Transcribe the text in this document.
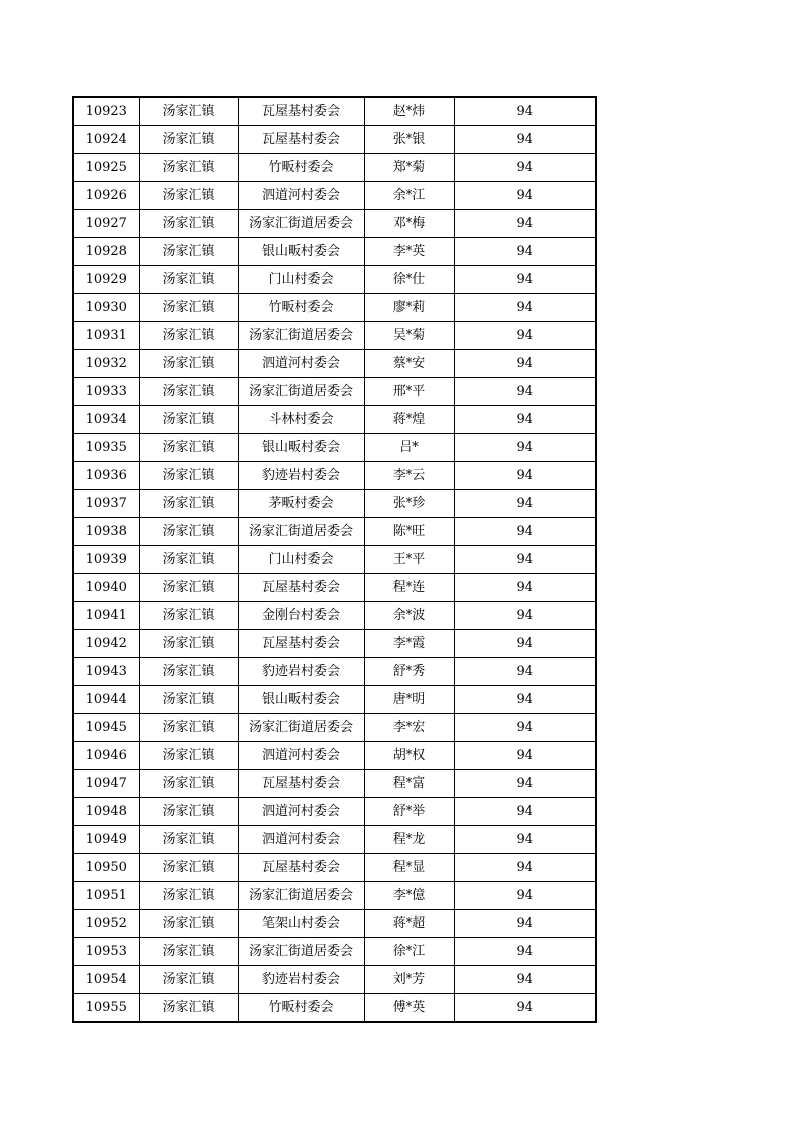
10923	汤家汇镇	瓦屋基村委会	赵*炜	94
10924	汤家汇镇	瓦屋基村委会	张*银	94
10925	汤家汇镇	竹畈村委会	郑*菊	94
10926	汤家汇镇	泗道河村委会	余*江	94
10927	汤家汇镇	汤家汇街道居委会	邓*梅	94
10928	汤家汇镇	银山畈村委会	李*英	94
10929	汤家汇镇	门山村委会	徐*仕	94
10930	汤家汇镇	竹畈村委会	廖*莉	94
10931	汤家汇镇	汤家汇街道居委会	吴*菊	94
10932	汤家汇镇	泗道河村委会	蔡*安	94
10933	汤家汇镇	汤家汇街道居委会	邢*平	94
10934	汤家汇镇	斗林村委会	蒋*煌	94
10935	汤家汇镇	银山畈村委会	吕*	94
10936	汤家汇镇	豹迹岩村委会	李*云	94
10937	汤家汇镇	茅畈村委会	张*珍	94
10938	汤家汇镇	汤家汇街道居委会	陈*旺	94
10939	汤家汇镇	门山村委会	王*平	94
10940	汤家汇镇	瓦屋基村委会	程*连	94
10941	汤家汇镇	金刚台村委会	余*波	94
10942	汤家汇镇	瓦屋基村委会	李*霞	94
10943	汤家汇镇	豹迹岩村委会	舒*秀	94
10944	汤家汇镇	银山畈村委会	唐*明	94
10945	汤家汇镇	汤家汇街道居委会	李*宏	94
10946	汤家汇镇	泗道河村委会	胡*权	94
10947	汤家汇镇	瓦屋基村委会	程*富	94
10948	汤家汇镇	泗道河村委会	舒*举	94
10949	汤家汇镇	泗道河村委会	程*龙	94
10950	汤家汇镇	瓦屋基村委会	程*显	94
10951	汤家汇镇	汤家汇街道居委会	李*億	94
10952	汤家汇镇	笔架山村委会	蒋*超	94
10953	汤家汇镇	汤家汇街道居委会	徐*江	94
10954	汤家汇镇	豹迹岩村委会	刘*芳	94
10955	汤家汇镇	竹畈村委会	傅*英	94
